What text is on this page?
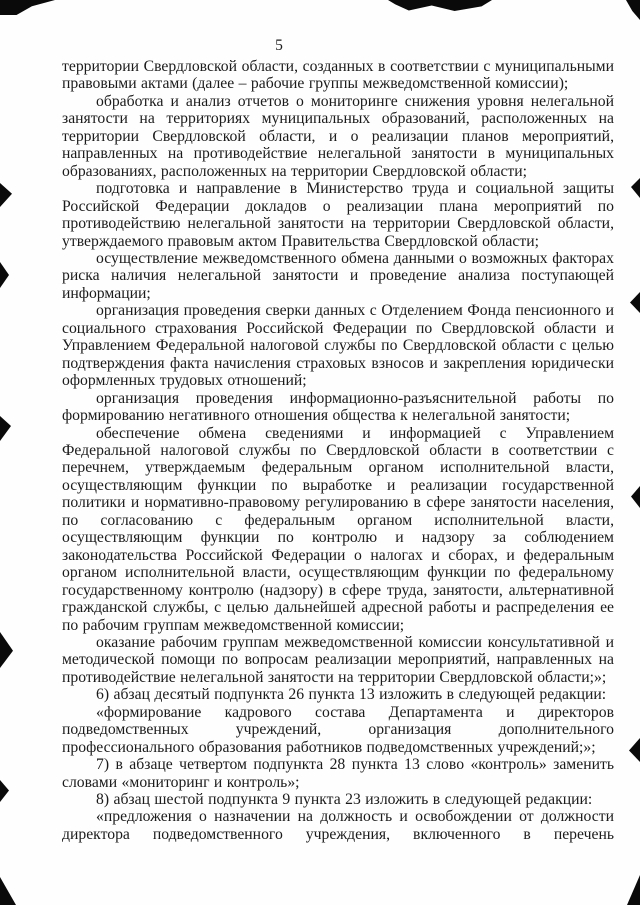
5

территории Свердловской области, созданных в соответствии с муниципальными правовыми актами (далее – рабочие группы межведомственной комиссии);

обработка и анализ отчетов о мониторинге снижения уровня нелегальной занятости на территориях муниципальных образований, расположенных на территории Свердловской области, и о реализации планов мероприятий, направленных на противодействие нелегальной занятости в муниципальных образованиях, расположенных на территории Свердловской области;

подготовка и направление в Министерство труда и социальной защиты Российской Федерации докладов о реализации плана мероприятий по противодействию нелегальной занятости на территории Свердловской области, утверждаемого правовым актом Правительства Свердловской области;

осуществление межведомственного обмена данными о возможных факторах риска наличия нелегальной занятости и проведение анализа поступающей информации;

организация проведения сверки данных с Отделением Фонда пенсионного и социального страхования Российской Федерации по Свердловской области и Управлением Федеральной налоговой службы по Свердловской области с целью подтверждения факта начисления страховых взносов и закрепления юридически оформленных трудовых отношений;

организация проведения информационно-разъяснительной работы по формированию негативного отношения общества к нелегальной занятости;

обеспечение обмена сведениями и информацией с Управлением Федеральной налоговой службы по Свердловской области в соответствии с перечнем, утверждаемым федеральным органом исполнительной власти, осуществляющим функции по выработке и реализации государственной политики и нормативно-правовому регулированию в сфере занятости населения, по согласованию с федеральным органом исполнительной власти, осуществляющим функции по контролю и надзору за соблюдением законодательства Российской Федерации о налогах и сборах, и федеральным органом исполнительной власти, осуществляющим функции по федеральному государственному контролю (надзору) в сфере труда, занятости, альтернативной гражданской службы, с целью дальнейшей адресной работы и распределения ее по рабочим группам межведомственной комиссии;

оказание рабочим группам межведомственной комиссии консультативной и методической помощи по вопросам реализации мероприятий, направленных на противодействие нелегальной занятости на территории Свердловской области;»;

6) абзац десятый подпункта 26 пункта 13 изложить в следующей редакции:

«формирование кадрового состава Департамента и директоров подведомственных учреждений, организация дополнительного профессионального образования работников подведомственных учреждений;»;

7) в абзаце четвертом подпункта 28 пункта 13 слово «контроль» заменить словами «мониторинг и контроль»;

8) абзац шестой подпункта 9 пункта 23 изложить в следующей редакции:

«предложения о назначении на должность и освобождении от должности директора подведомственного учреждения, включенного в перечень
